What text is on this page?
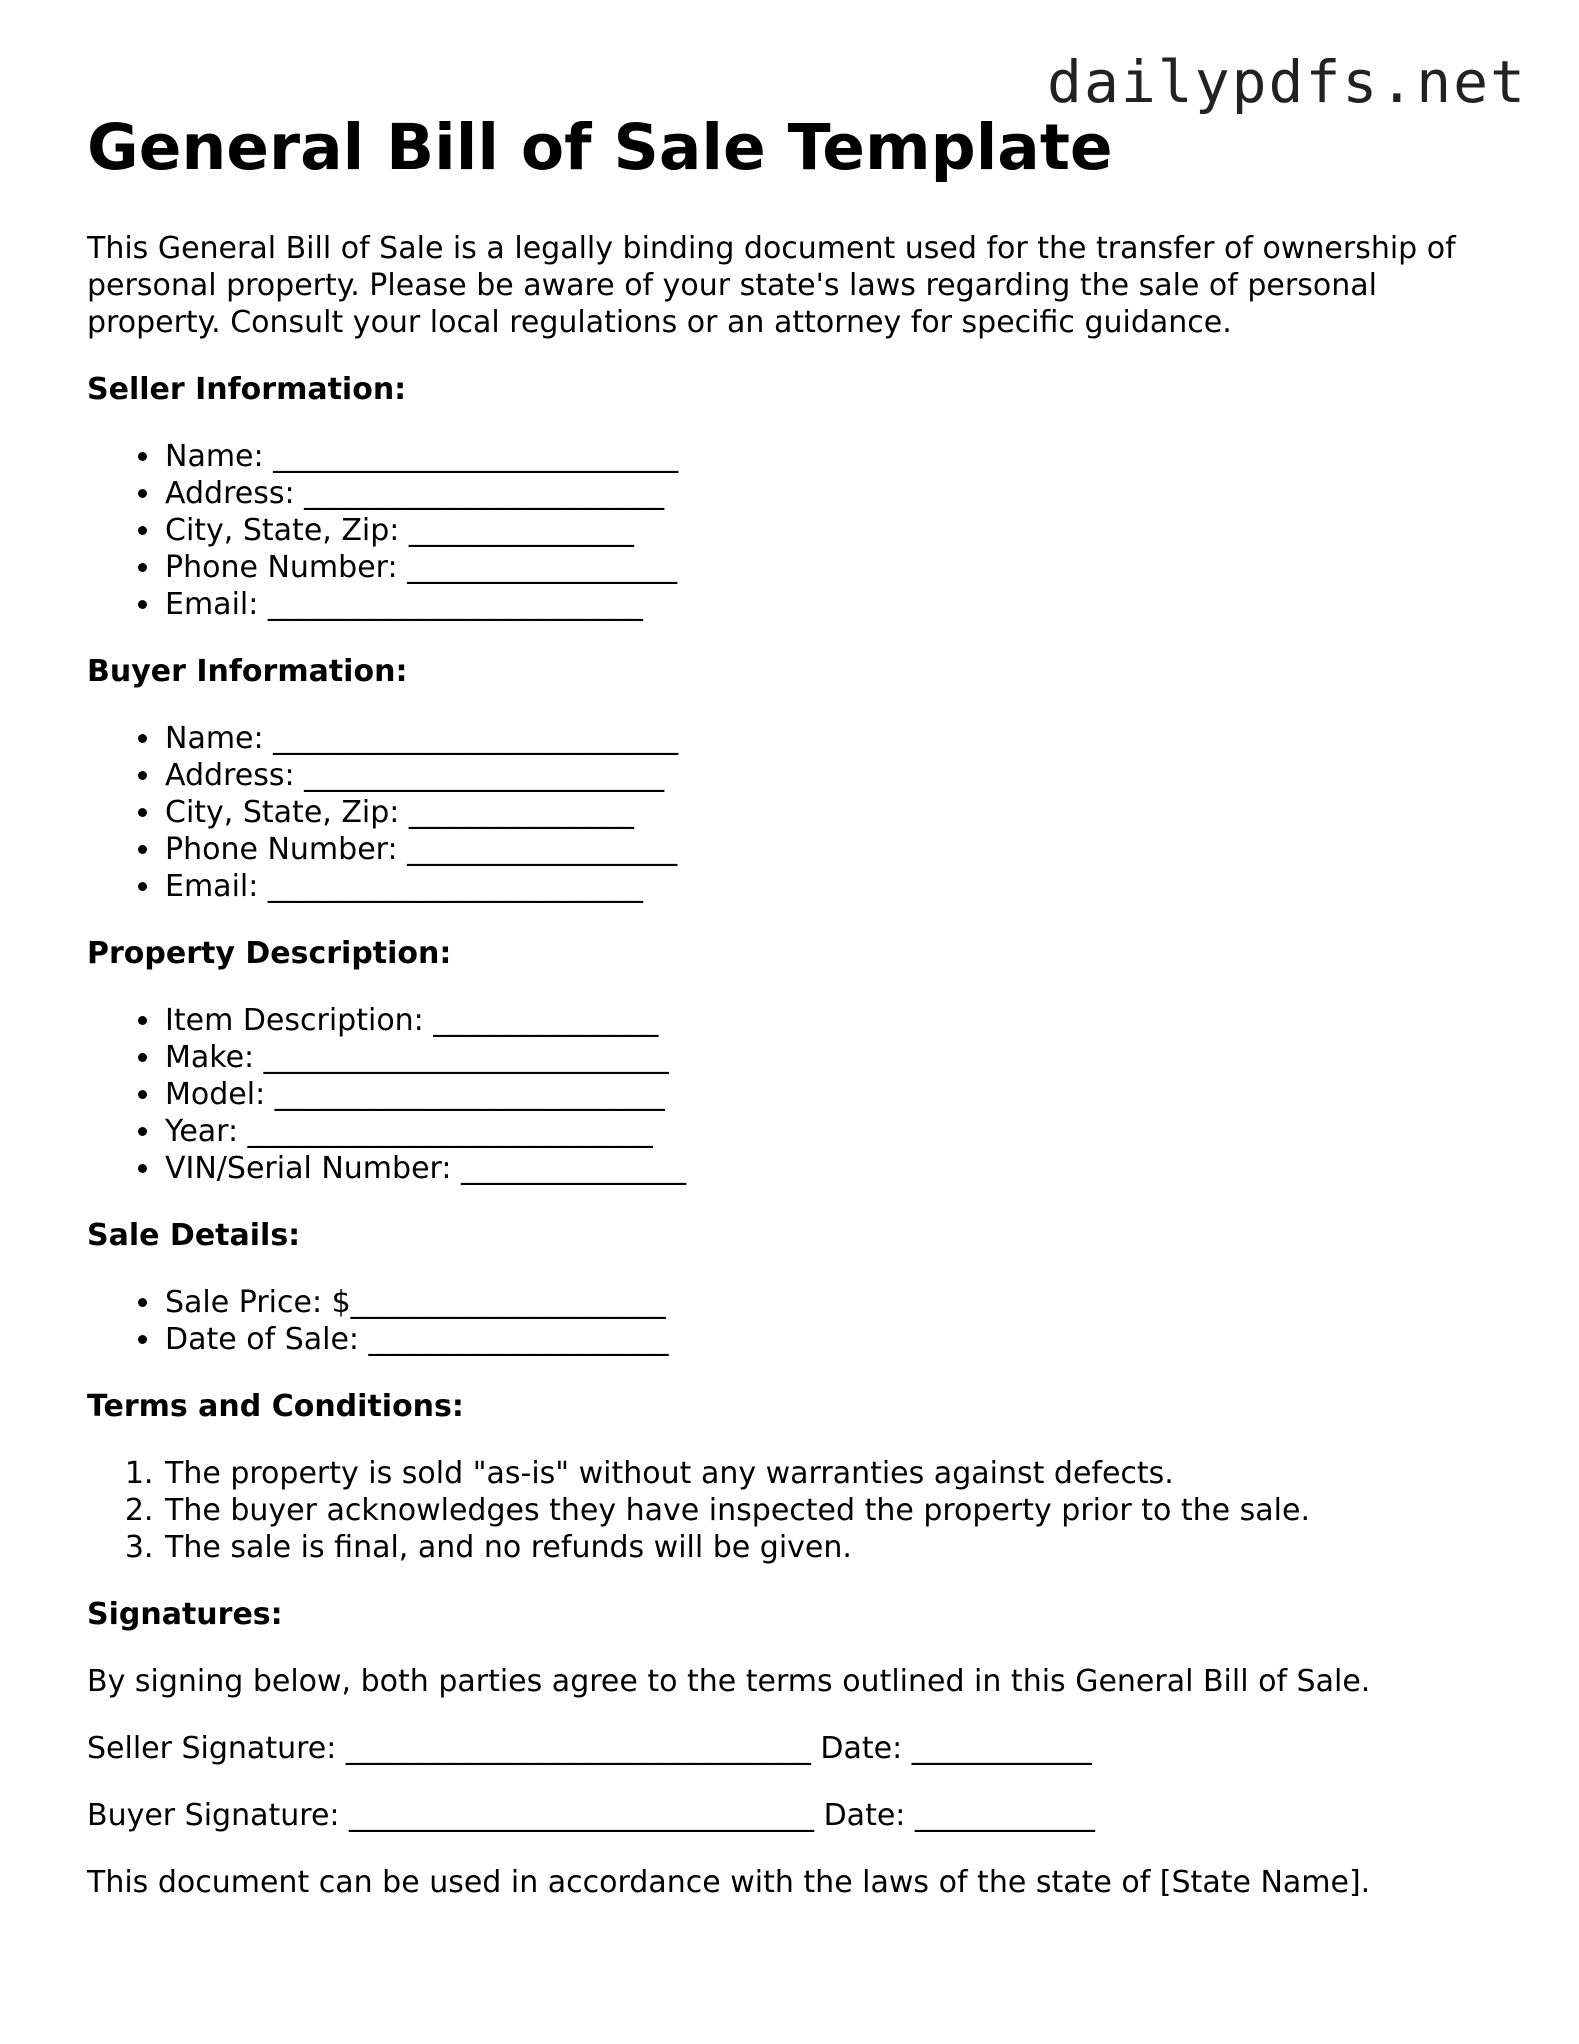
dailypdfs.net
General Bill of Sale Template

This General Bill of Sale is a legally binding document used for the transfer of ownership of personal property. Please be aware of your state's laws regarding the sale of personal property. Consult your local regulations or an attorney for specific guidance.

Seller Information:
• Name: ___________________________
• Address: ________________________
• City, State, Zip: _______________
• Phone Number: __________________
• Email: _________________________
Buyer Information:
• Name: ___________________________
• Address: ________________________
• City, State, Zip: _______________
• Phone Number: __________________
• Email: _________________________
Property Description:
• Item Description: _______________
• Make: ___________________________
• Model: __________________________
• Year: ___________________________
• VIN/Serial Number: _______________
Sale Details:
• Sale Price: $_____________________
• Date of Sale: ____________________
Terms and Conditions:
1. The property is sold "as-is" without any warranties against defects.
2. The buyer acknowledges they have inspected the property prior to the sale.
3. The sale is final, and no refunds will be given.
Signatures:

By signing below, both parties agree to the terms outlined in this General Bill of Sale.

Seller Signature: _______________________________ Date: ____________

Buyer Signature: _______________________________ Date: ____________

This document can be used in accordance with the laws of the state of [State Name].
